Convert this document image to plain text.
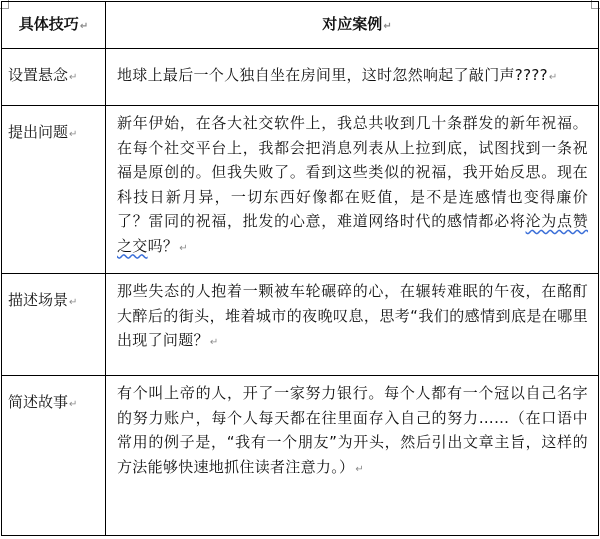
具体技巧↵	对应案例↵

设置悬念↵	地球上最后一个人独自坐在房间里，这时忽然响起了敲门声????↵

提出问题↵	新年伊始，在各大社交软件上，我总共收到几十条群发的新年祝福。在每个社交平台上，我都会把消息列表从上拉到底，试图找到一条祝福是原创的。但我失败了。看到这些类似的祝福，我开始反思。现在科技日新月异，一切东西好像都在贬值，是不是连感情也变得廉价了？雷同的祝福，批发的心意，难道网络时代的感情都必将沦为点赞之交吗？↵

描述场景↵	那些失态的人抱着一颗被车轮碾碎的心，在辗转难眠的午夜，在酩酊大醉后的街头，堆着城市的夜晚叹息，思考“我们的感情到底是在哪里出现了问题？↵

简述故事↵	有个叫上帝的人，开了一家努力银行。每个人都有一个冠以自己名字的努力账户，每个人每天都在往里面存入自己的努力……（在口语中常用的例子是，“我有一个朋友”为开头，然后引出文章主旨，这样的方法能够快速地抓住读者注意力。）↵
